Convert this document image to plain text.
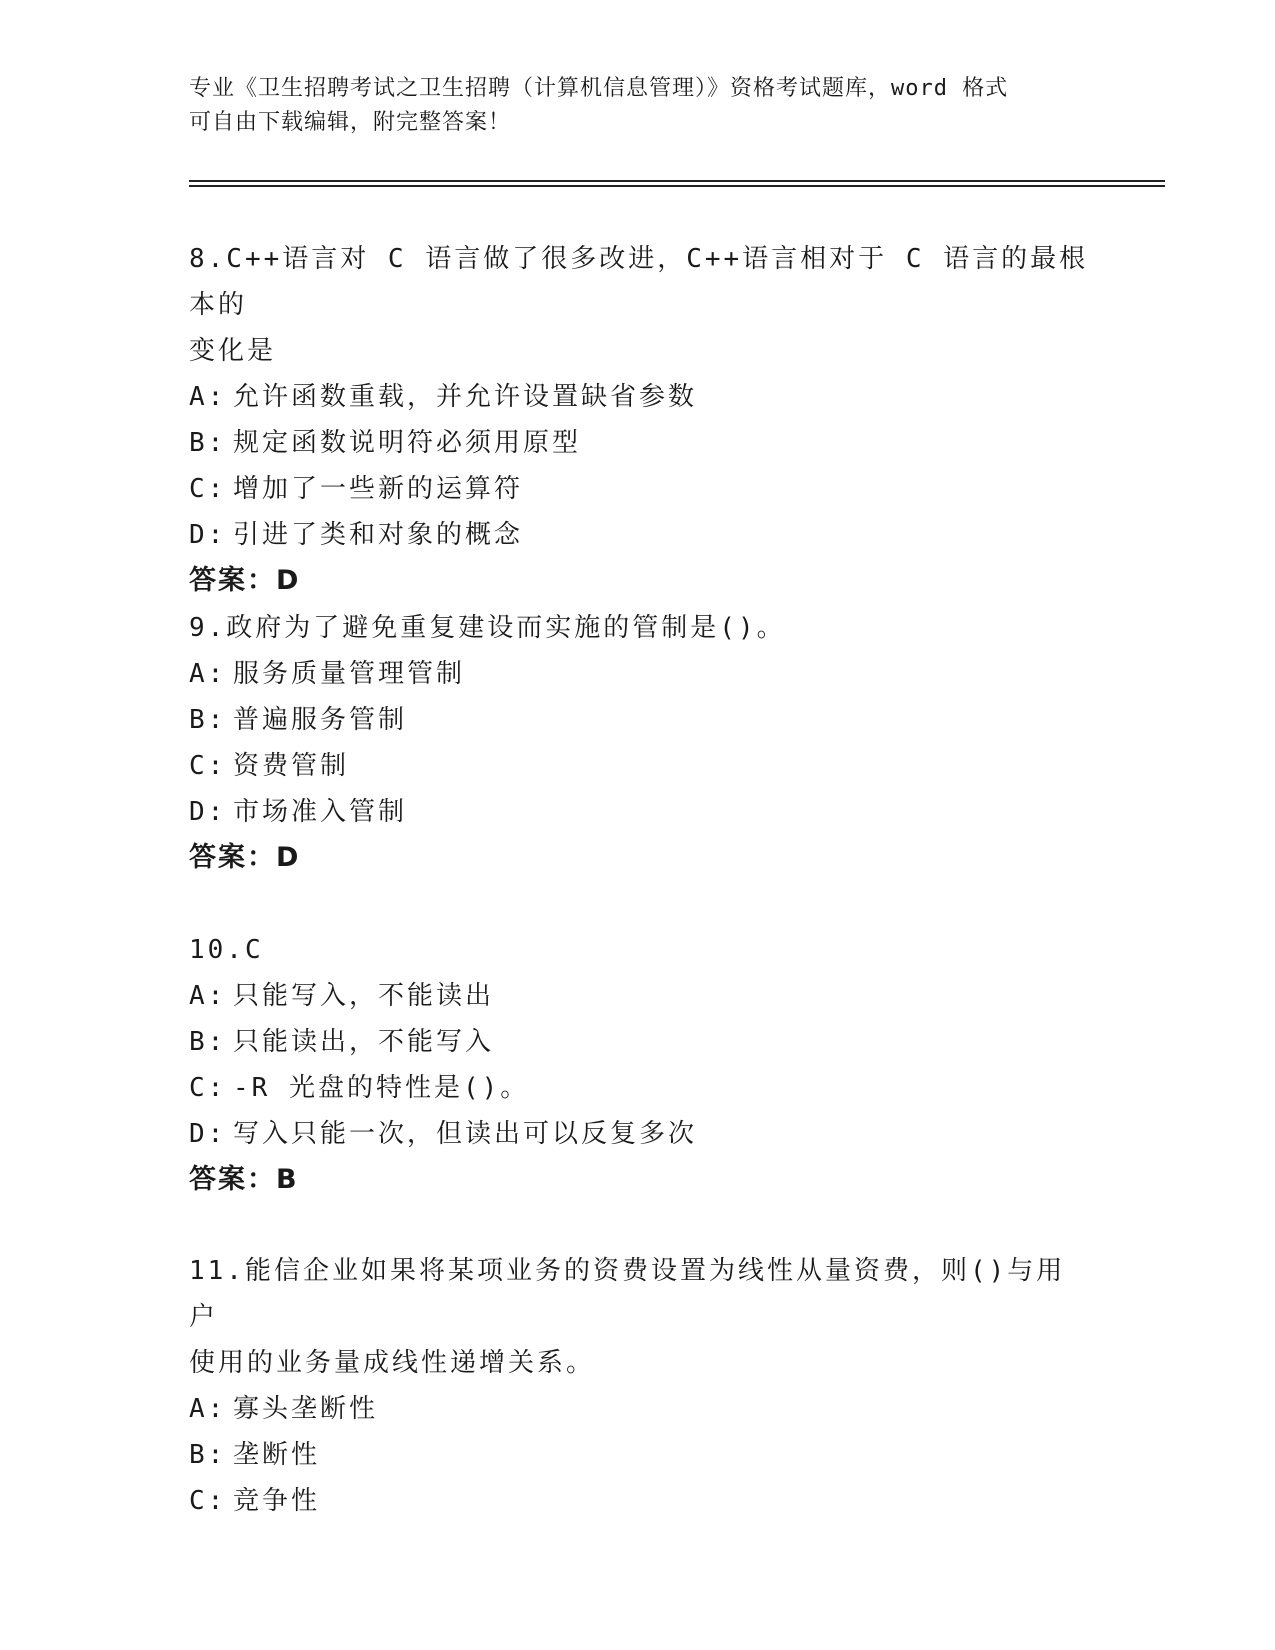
专业《卫生招聘考试之卫生招聘（计算机信息管理）》资格考试题库，word 格式
可自由下载编辑，附完整答案！
8.C++语言对 C 语言做了很多改进，C++语言相对于 C 语言的最根本的
变化是
A: 允许函数重载，并允许设置缺省参数
B: 规定函数说明符必须用原型
C: 增加了一些新的运算符
D: 引进了类和对象的概念
答案：D
9.政府为了避免重复建设而实施的管制是()。
A: 服务质量管理管制
B: 普遍服务管制
C: 资费管制
D: 市场准入管制
答案：D
10.C
A: 只能写入，不能读出
B: 只能读出，不能写入
C: -R 光盘的特性是()。
D: 写入只能一次，但读出可以反复多次
答案：B
11.能信企业如果将某项业务的资费设置为线性从量资费，则()与用户
使用的业务量成线性递增关系。
A: 寡头垄断性
B: 垄断性
C: 竞争性
